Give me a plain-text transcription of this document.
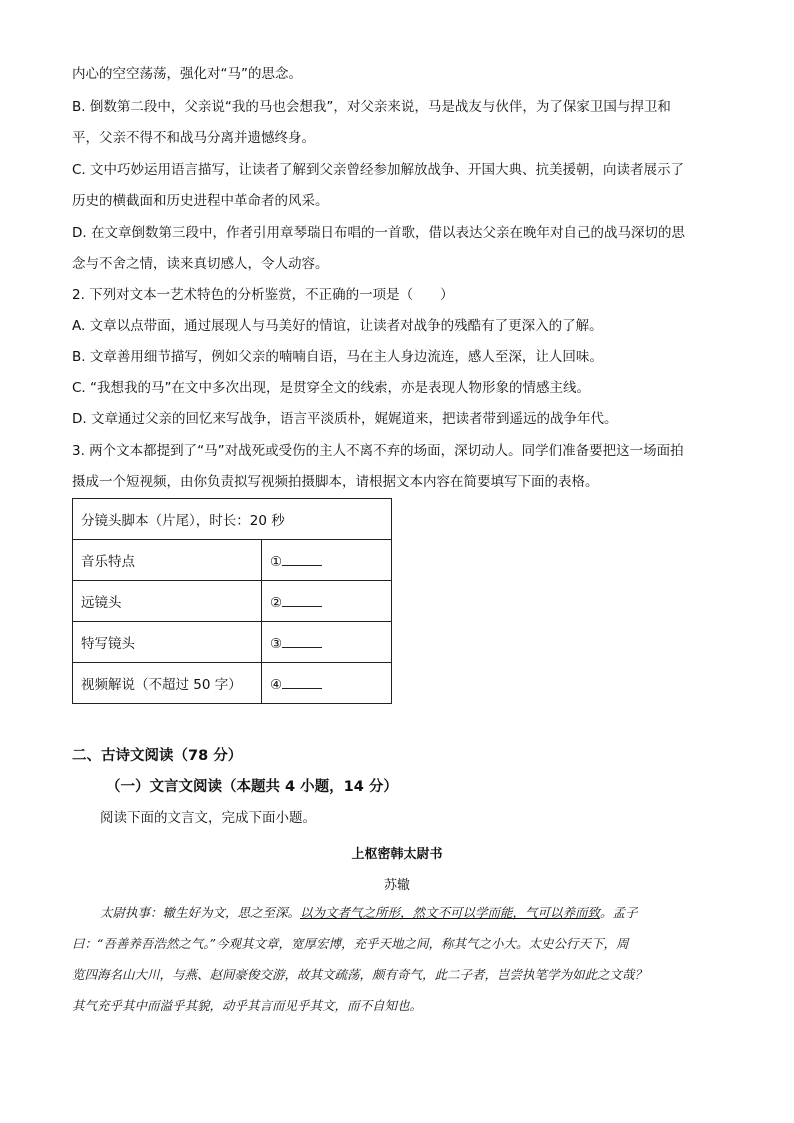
内心的空空荡荡，强化对“马”的思念。
B. 倒数第二段中，父亲说“我的马也会想我”，对父亲来说，马是战友与伙伴，为了保家卫国与捍卫和
平，父亲不得不和战马分离并遗憾终身。
C. 文中巧妙运用语言描写，让读者了解到父亲曾经参加解放战争、开国大典、抗美援朝，向读者展示了
历史的横截面和历史进程中革命者的风采。
D. 在文章倒数第三段中，作者引用章琴瑞日布唱的一首歌，借以表达父亲在晚年对自己的战马深切的思
念与不舍之情，读来真切感人，令人动容。
2. 下列对文本一艺术特色的分析鉴赏，不正确的一项是（　　）
A. 文章以点带面，通过展现人与马美好的情谊，让读者对战争的残酷有了更深入的了解。
B. 文章善用细节描写，例如父亲的喃喃自语，马在主人身边流连，感人至深，让人回味。
C. “我想我的马”在文中多次出现，是贯穿全文的线索，亦是表现人物形象的情感主线。
D. 文章通过父亲的回忆来写战争，语言平淡质朴，娓娓道来，把读者带到遥远的战争年代。
3. 两个文本都提到了“马”对战死或受伤的主人不离不弃的场面，深切动人。同学们准备要把这一场面拍
摄成一个短视频，由你负责拟写视频拍摄脚本，请根据文本内容在简要填写下面的表格。
分镜头脚本（片尾），时长：20 秒	
音乐特点	①
远镜头	②
特写镜头	③
视频解说（不超过 50 字）	④
二、古诗文阅读（78 分）
（一）文言文阅读（本题共 4 小题，14 分）
阅读下面的文言文，完成下面小题。
上枢密韩太尉书
苏辙
太尉执事：辙生好为文，思之至深。以为文者气之所形，然文不可以学而能，气可以养而致。孟子
曰：“吾善养吾浩然之气。”今观其文章，宽厚宏博，充乎天地之间，称其气之小大。太史公行天下，周
览四海名山大川，与燕、赵间豪俊交游，故其文疏荡，颇有奇气，此二子者，岂尝执笔学为如此之文哉？
其气充乎其中而溢乎其貌，动乎其言而见乎其文，而不自知也。
